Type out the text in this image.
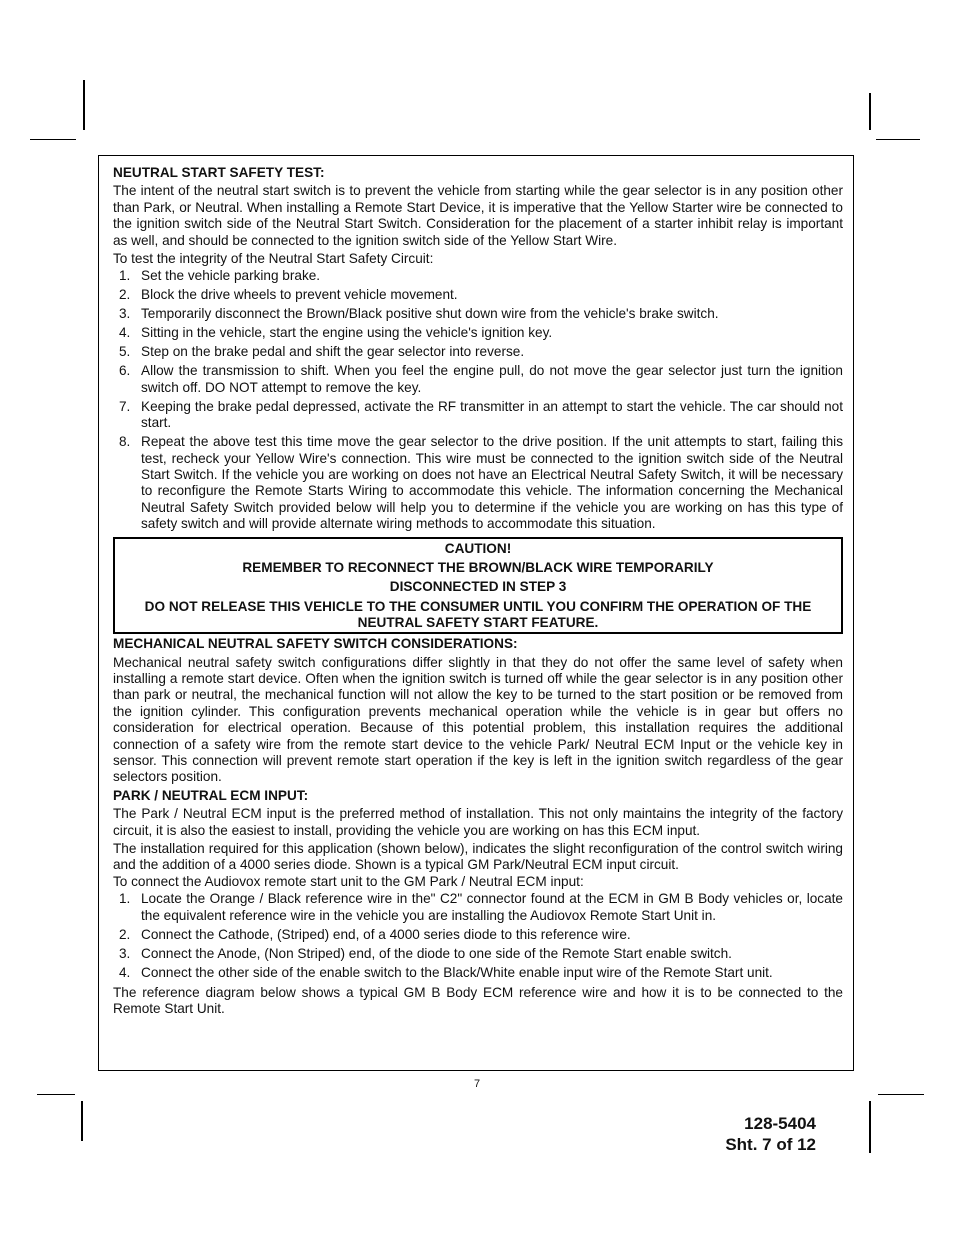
NEUTRAL START SAFETY TEST:

The intent of the neutral start switch is to prevent the vehicle from starting while the gear selector is in any position other than Park, or Neutral. When installing a Remote Start Device, it is imperative that the Yellow Starter wire be connected to the ignition switch side of the Neutral Start Switch. Consideration for the placement of a starter inhibit relay is important as well, and should be connected to the ignition switch side of the Yellow Start Wire.

To test the integrity of the Neutral Start Safety Circuit:

1. Set the vehicle parking brake.
2. Block the drive wheels to prevent vehicle movement.
3. Temporarily disconnect the Brown/Black positive shut down wire from the vehicle's brake switch.
4. Sitting in the vehicle, start the engine using the vehicle's ignition key.
5. Step on the brake pedal and shift the gear selector into reverse.
6. Allow the transmission to shift. When you feel the engine pull, do not move the gear selector just turn the ignition switch off. DO NOT attempt to remove the key.
7. Keeping the brake pedal depressed, activate the RF transmitter in an attempt to start the vehicle. The car should not start.
8. Repeat the above test this time move the gear selector to the drive position. If the unit attempts to start, failing this test, recheck your Yellow Wire's connection. This wire must be connected to the ignition switch side of the Neutral Start Switch. If the vehicle you are working on does not have an Electrical Neutral Safety Switch, it will be necessary to reconfigure the Remote Starts Wiring to accommodate this vehicle. The information concerning the Mechanical Neutral Safety Switch provided below will help you to determine if the vehicle you are working on has this type of safety switch and will provide alternate wiring methods to accommodate this situation.
CAUTION!
REMEMBER TO RECONNECT THE BROWN/BLACK WIRE TEMPORARILY
DISCONNECTED IN STEP 3
DO NOT RELEASE THIS VEHICLE TO THE CONSUMER UNTIL YOU CONFIRM THE OPERATION OF THE NEUTRAL SAFETY START FEATURE.
MECHANICAL NEUTRAL SAFETY SWITCH CONSIDERATIONS:

Mechanical neutral safety switch configurations differ slightly in that they do not offer the same level of safety when installing a remote start device. Often when the ignition switch is turned off while the gear selector is in any position other than park or neutral, the mechanical function will not allow the key to be turned to the start position or be removed from the ignition cylinder. This configuration prevents mechanical operation while the vehicle is in gear but offers no consideration for electrical operation. Because of this potential problem, this installation requires the additional connection of a safety wire from the remote start device to the vehicle Park/ Neutral ECM Input or the vehicle key in sensor. This connection will prevent remote start operation if the key is left in the ignition switch regardless of the gear selectors position.

PARK / NEUTRAL ECM INPUT:

The Park / Neutral ECM input is the preferred method of installation. This not only maintains the integrity of the factory circuit, it is also the easiest to install, providing the vehicle you are working on has this ECM input.

The installation required for this application (shown below), indicates the slight reconfiguration of the control switch wiring and the addition of a 4000 series diode. Shown is a typical GM Park/Neutral ECM input circuit.

To connect the Audiovox remote start unit to the GM Park / Neutral ECM input:

1. Locate the Orange / Black reference wire in the" C2" connector found at the ECM in GM B Body vehicles or, locate the equivalent reference wire in the vehicle you are installing the Audiovox Remote Start Unit in.
2. Connect the Cathode, (Striped) end, of a 4000 series diode to this reference wire.
3. Connect the Anode, (Non Striped) end, of the diode to one side of the Remote Start enable switch.
4. Connect the other side of the enable switch to the Black/White enable input wire of the Remote Start unit.

The reference diagram below shows a typical GM B Body ECM reference wire and how it is to be connected to the Remote Start Unit.

7
128-5404
Sht. 7 of 12
